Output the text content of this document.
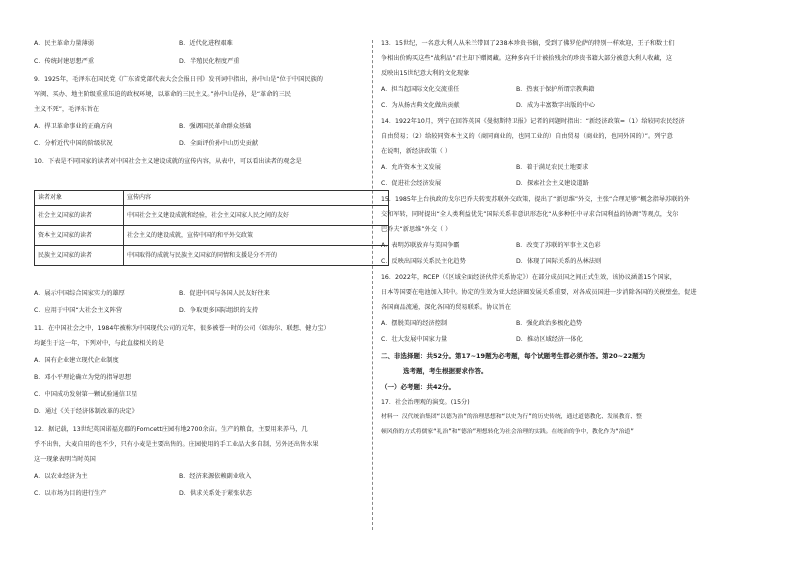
A．民主革命力量薄弱	B．近代化进程艰难
C．传统封建思想严重	D．半殖民化程度严重
9．1925年，毛泽东在国民党《广东省党部代表大会会报日刊》发刊词中指出，孙中山是“位于中国民族的
军阀、买办、地主阶级重重压迫的政权环境，以革命的三民主义。”孙中山是孙，是“革命的三民
主义不死”，毛泽东旨在
A．捍卫革命事业的正确方向	B．强调国民革命群众基础
C．分析近代中国的阶级状况	D．全面评价孙中山历史贡献
10．下表是不同国家的读者对中国社会主义建设成就的宣传内容，从表中，可以看出读者的观念是
读者对象	宣传内容
社会主义国家的读者	中国社会主义建设成就和经验，社会主义国家人民之间的友好
资本主义国家的读者	社会主义的建设成就，宣传中国的和平外交政策
民族主义国家的读者	中国取得的成就与民族主义国家的同情和支援是分不开的
A．展示中国综合国家实力的雄厚	B．促进中国与各国人民友好往来
C．应用于中国“大社会主义阵营	D．争取更多国际组织的支持
11．在中国社会之中，1984年被称为中国现代公司的元年，很多被誉一时的公司（如海尔、联想、健力宝）
均诞生于这一年，下列对中，与此直接相关的是
A．国有企业建立现代企业制度
B．邓小平理论确立为党的指导思想
C．中国成功发射第一颗试验通信卫星
D．通过《关于经济体制改革的决定》
12．据记载，13世纪英国诺福克郡的Forncett庄园有地2700余亩。生产的粮食，主要用来养马，几
乎不出售，大麦自用的也不少，只有小麦是主要出售的。庄园使用的手工业品大多自制，另外还出售水果
这一现象表明当时英国
A．以农业经济为主	B．经济来源依赖副业收入
C．以市场为目的进行生产	D．供求关系处于紧张状态
13．15世纪，一名意大利人从米兰带回了238本珍贵书稿，受到了佛罗伦萨的特别一样欢迎，王子和数士们
争相出价购买这些“战利品”君主却下赠阅藏。这种多向千计被拾残余的珍贵书籍大部分被意大利人收藏，这
反映出15世纪意大利的文化现象
A．担当起国际文化交流重任	B．热衷于保护所谓宗教典籍
C．为从扬古典文化做出贡献	D．成为丰富数字出版的中心
14．1922年10月，列宁在回答英国《曼彻斯特卫报》记者的问题时指出：“新经济政策=（1）给较同农民经济
自由贸易；（2）给较同资本主义的（商同商业的，也同工业的）自由贸易（商业的，也同外国的）”。列宁意
在说明，新经济政策（ ）
A．允许资本主义发展	B．着于满足农民土地要求
C．促进社会经济发展	D．探索社会主义建设道路
15．1985年上台执政的戈尔巴乔夫转变苏联外交政策，提出了“新思维”外交，主张“合理足够”概念指导苏联的外
交和军转，同时提出“全人类利益优先”国际关系非意识形态化“从多种任中寻求合国利益的协调”等观点，戈尔
巴乔夫“新思维”外交（ ）
A．表明苏联放弃与美国争霸	B．改变了苏联的军事主义色彩
C．反映出国际关系民主化趋势	D．体现了国际关系的丛林法则
16．2022年，RCEP（《区域全面经济伙伴关系协定》）在部分成员国之间正式生效，该协议涵盖15个国家，
日本等国要在电池加入其中。协定的生效为亚大经济圈发展关系重要，对各成员国进一步消除各国的关税壁垒，促进
各国商品流通，深化各国的贸易联系。协议旨在
A．摆脱美国的经济控制	B．强化政治多极化趋势
C．壮大发展中国家力量	D．推动区域经济一体化
二、非选择题：共52分。第17~19题为必考题，每个试题考生都必须作答。第20~22题为
选考题，考生根据要求作答。
（一）必考题：共42分。
17．社会治理观的演变。(15分)
材料一 汉代统治集团“以德为治”的治理思想和“以史为行”的历史传统，通过道德教化、发展教育、整
顿风俗的方式将儒家“礼治”和“德治”理想转化为社会治理的实践。在统治的争中，教化作为“治道”
